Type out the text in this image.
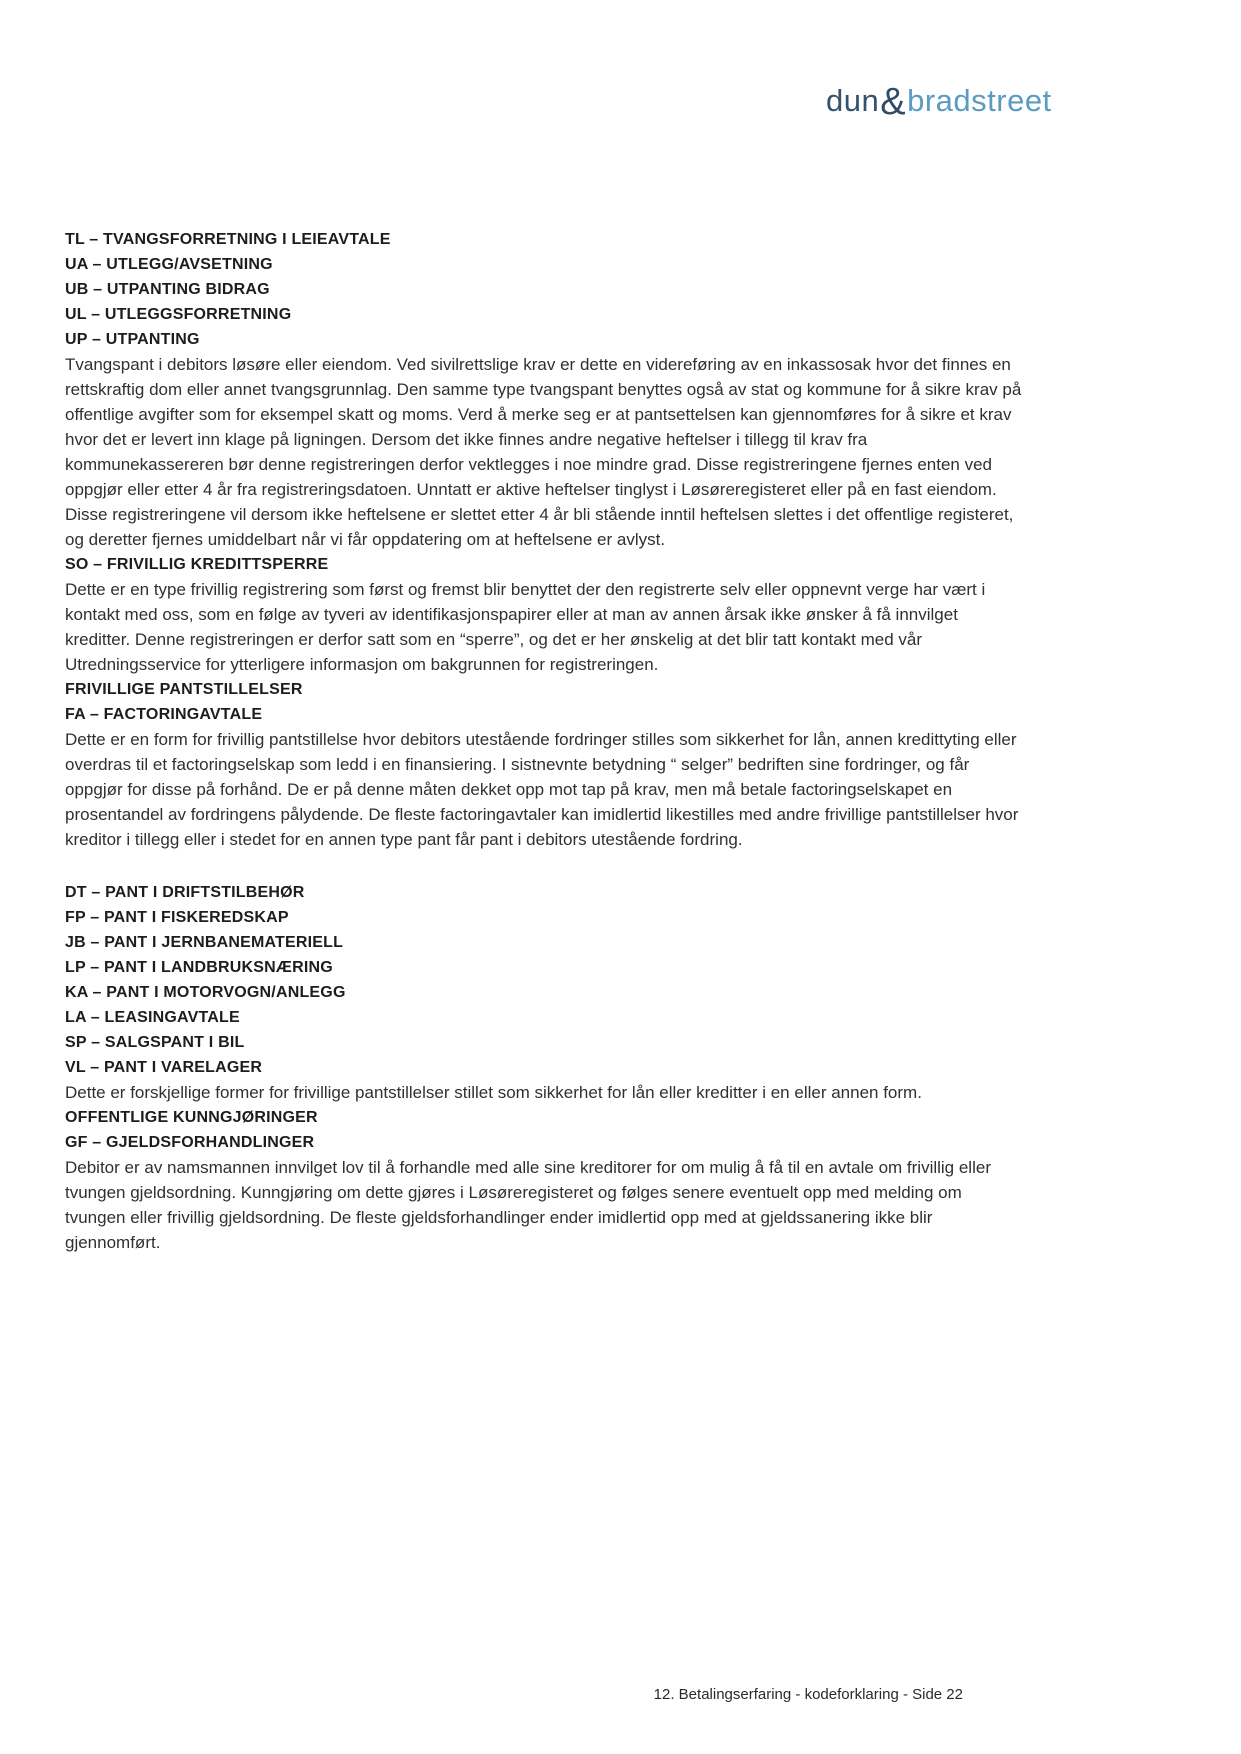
dun&bradstreet

TL – TVANGSFORRETNING I LEIEAVTALE

UA – UTLEGG/AVSETNING

UB – UTPANTING BIDRAG

UL – UTLEGGSFORRETNING

UP – UTPANTING

Tvangspant i debitors løsøre eller eiendom. Ved sivilrettslige krav er dette en videreføring av en inkassosak hvor det finnes en rettskraftig dom eller annet tvangsgrunnlag. Den samme type tvangspant benyttes også av stat og kommune for å sikre krav på offentlige avgifter som for eksempel skatt og moms. Verd å merke seg er at pantsettelsen kan gjennomføres for å sikre et krav hvor det er levert inn klage på ligningen. Dersom det ikke finnes andre negative heftelser i tillegg til krav fra kommunekassereren bør denne registreringen derfor vektlegges i noe mindre grad. Disse registreringene fjernes enten ved oppgjør eller etter 4 år fra registreringsdatoen. Unntatt er aktive heftelser tinglyst i Løsøreregisteret eller på en fast eiendom. Disse registreringene vil dersom ikke heftelsene er slettet etter 4 år bli stående inntil heftelsen slettes i det offentlige registeret, og deretter fjernes umiddelbart når vi får oppdatering om at heftelsene er avlyst.

SO – FRIVILLIG KREDITTSPERRE

Dette er en type frivillig registrering som først og fremst blir benyttet der den registrerte selv eller oppnevnt verge har vært i kontakt med oss, som en følge av tyveri av identifikasjonspapirer eller at man av annen årsak ikke ønsker å få innvilget kreditter. Denne registreringen er derfor satt som en “sperre”, og det er her ønskelig at det blir tatt kontakt med vår Utredningsservice for ytterligere informasjon om bakgrunnen for registreringen.

FRIVILLIGE PANTSTILLELSER

FA – FACTORINGAVTALE

Dette er en form for frivillig pantstillelse hvor debitors utestående fordringer stilles som sikkerhet for lån, annen kredittyting eller overdras til et factoringselskap som ledd i en finansiering. I sistnevnte betydning “ selger” bedriften sine fordringer, og får oppgjør for disse på forhånd. De er på denne måten dekket opp mot tap på krav, men må betale factoringselskapet en prosentandel av fordringens pålydende. De fleste factoringavtaler kan imidlertid likestilles med andre frivillige pantstillelser hvor kreditor i tillegg eller i stedet for en annen type pant får pant i debitors utestående fordring.

DT – PANT I DRIFTSTILBEHØR

FP – PANT I FISKEREDSKAP

JB – PANT I JERNBANEMATERIELL

LP – PANT I LANDBRUKSNÆRING

KA – PANT I MOTORVOGN/ANLEGG

LA – LEASINGAVTALE

SP – SALGSPANT I BIL

VL – PANT I VARELAGER

Dette er forskjellige former for frivillige pantstillelser stillet som sikkerhet for lån eller kreditter i en eller annen form.

OFFENTLIGE KUNNGJØRINGER

GF – GJELDSFORHANDLINGER

Debitor er av namsmannen innvilget lov til å forhandle med alle sine kreditorer for om mulig å få til en avtale om frivillig eller tvungen gjeldsordning. Kunngjøring om dette gjøres i Løsøreregisteret og følges senere eventuelt opp med melding om tvungen eller frivillig gjeldsordning. De fleste gjeldsforhandlinger ender imidlertid opp med at gjeldssanering ikke blir gjennomført.

12. Betalingserfaring - kodeforklaring - Side 22
